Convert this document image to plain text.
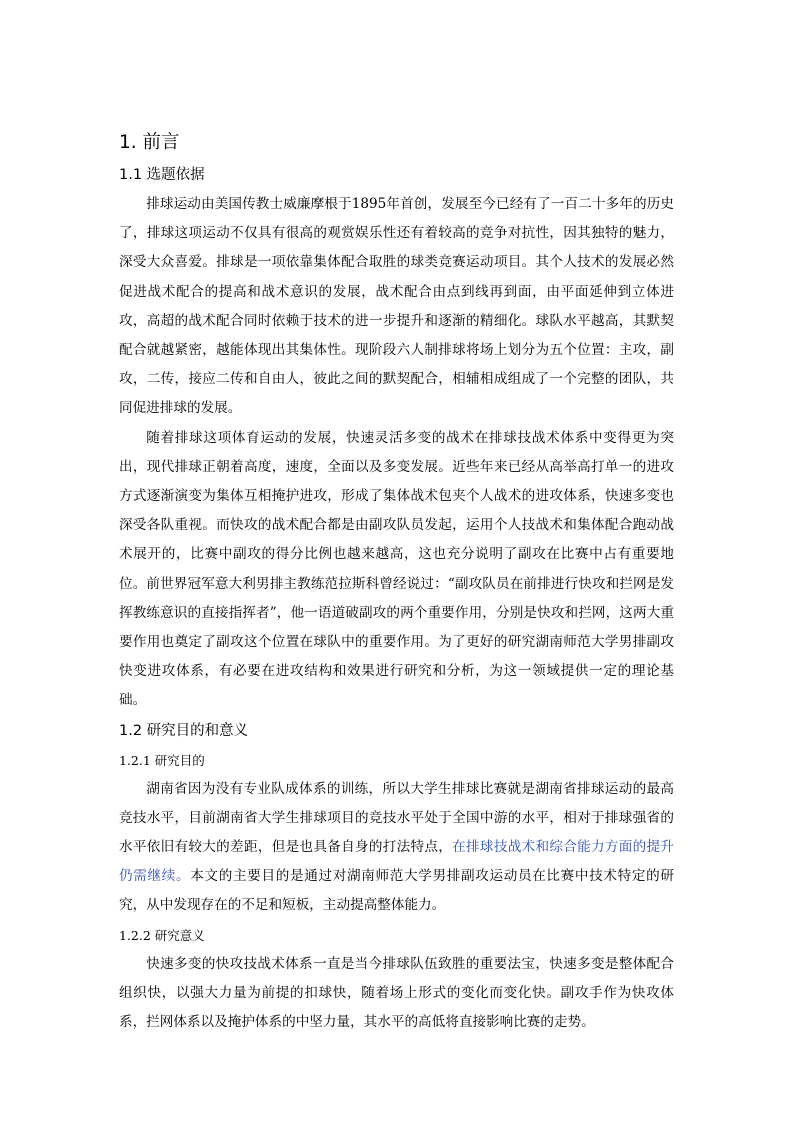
1. 前言
1.1 选题依据

排球运动由美国传教士威廉摩根于1895年首创，发展至今已经有了一百二十多年的历史了，排球这项运动不仅具有很高的观赏娱乐性还有着较高的竞争对抗性，因其独特的魅力，深受大众喜爱。排球是一项依靠集体配合取胜的球类竞赛运动项目。其个人技术的发展必然促进战术配合的提高和战术意识的发展，战术配合由点到线再到面，由平面延伸到立体进攻，高超的战术配合同时依赖于技术的进一步提升和逐渐的精细化。球队水平越高，其默契配合就越紧密，越能体现出其集体性。现阶段六人制排球将场上划分为五个位置：主攻，副攻，二传，接应二传和自由人，彼此之间的默契配合，相辅相成组成了一个完整的团队，共同促进排球的发展。

随着排球这项体育运动的发展，快速灵活多变的战术在排球技战术体系中变得更为突出，现代排球正朝着高度，速度，全面以及多变发展。近些年来已经从高举高打单一的进攻方式逐渐演变为集体互相掩护进攻，形成了集体战术包夹个人战术的进攻体系，快速多变也深受各队重视。而快攻的战术配合都是由副攻队员发起，运用个人技战术和集体配合跑动战术展开的，比赛中副攻的得分比例也越来越高，这也充分说明了副攻在比赛中占有重要地位。前世界冠军意大利男排主教练范拉斯科曾经说过：“副攻队员在前排进行快攻和拦网是发挥教练意识的直接指挥者”，他一语道破副攻的两个重要作用，分别是快攻和拦网，这两大重要作用也奠定了副攻这个位置在球队中的重要作用。为了更好的研究湖南师范大学男排副攻快变进攻体系，有必要在进攻结构和效果进行研究和分析，为这一领域提供一定的理论基础。

1.2 研究目的和意义
1.2.1 研究目的

湖南省因为没有专业队成体系的训练，所以大学生排球比赛就是湖南省排球运动的最高竞技水平，目前湖南省大学生排球项目的竞技水平处于全国中游的水平，相对于排球强省的水平依旧有较大的差距，但是也具备自身的打法特点，在排球技战术和综合能力方面的提升仍需继续。本文的主要目的是通过对湖南师范大学男排副攻运动员在比赛中技术特定的研究，从中发现存在的不足和短板，主动提高整体能力。

1.2.2 研究意义

快速多变的快攻技战术体系一直是当今排球队伍致胜的重要法宝，快速多变是整体配合组织快，以强大力量为前提的扣球快，随着场上形式的变化而变化快。副攻手作为快攻体系，拦网体系以及掩护体系的中坚力量，其水平的高低将直接影响比赛的走势。
